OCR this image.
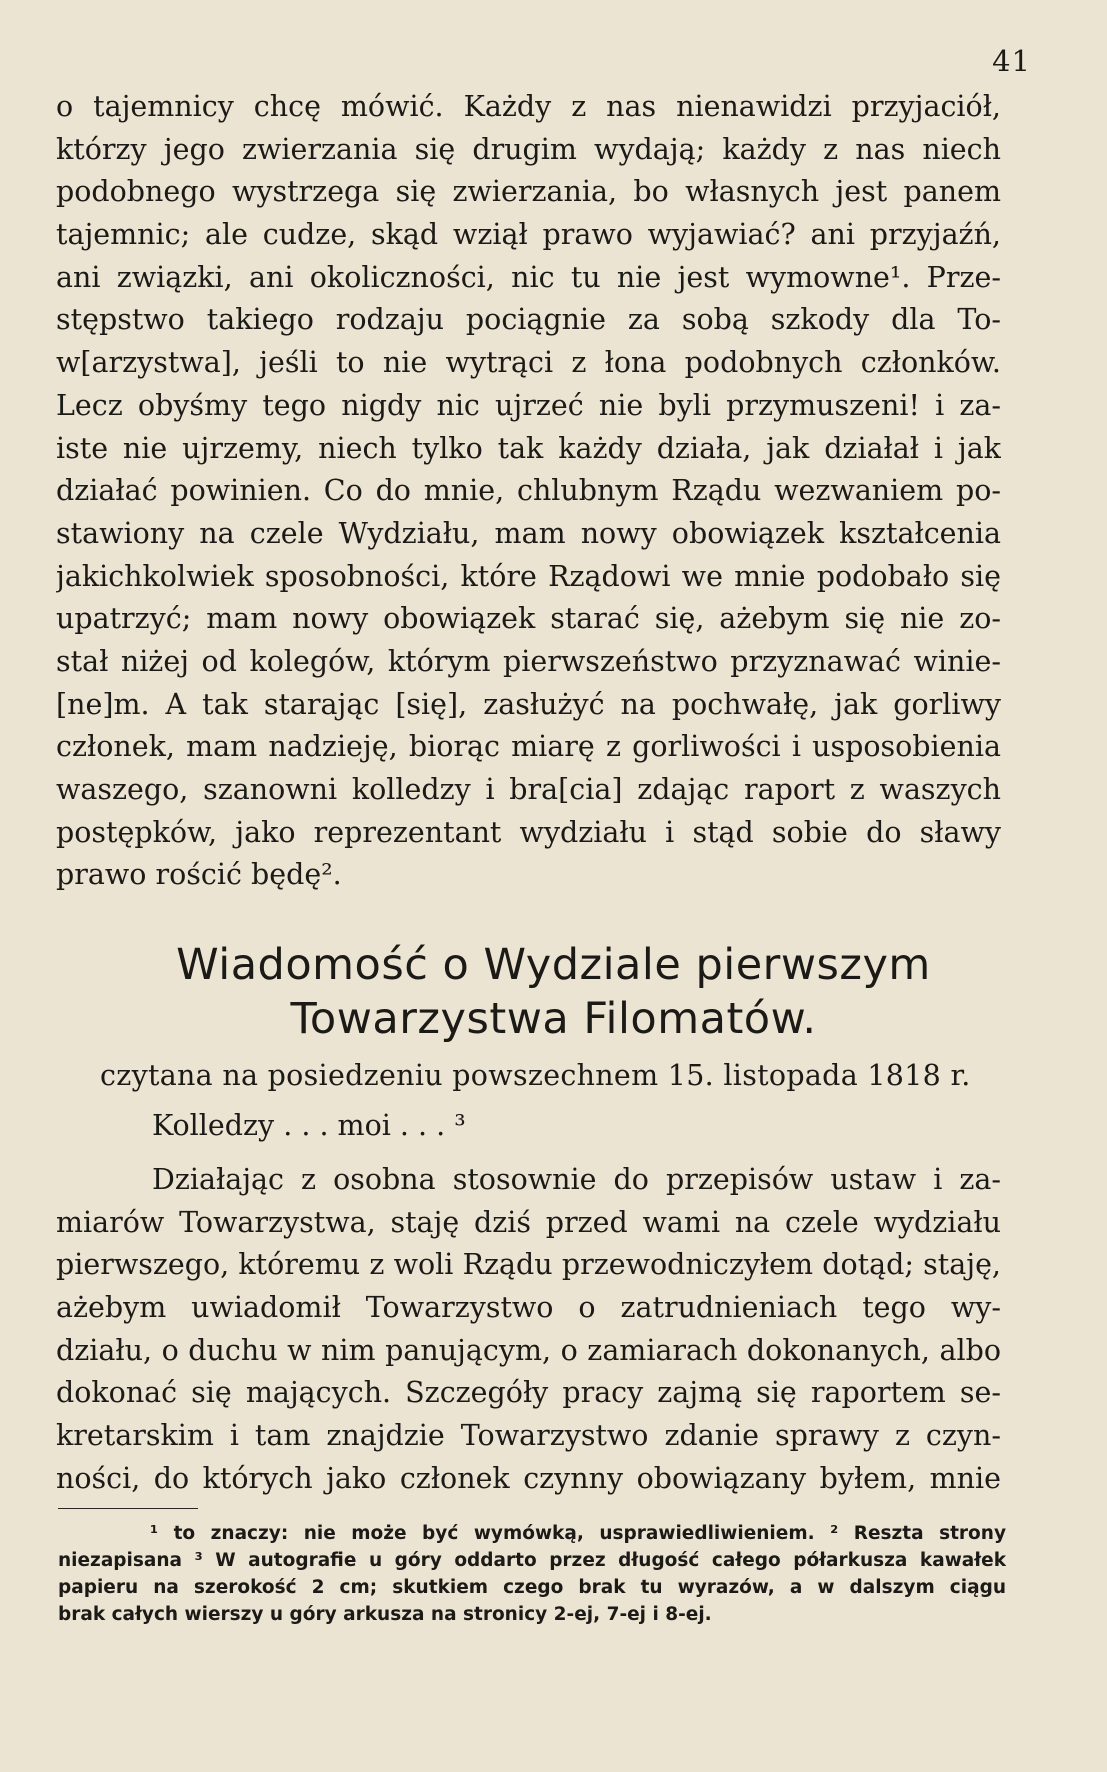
41
o tajemnicy chcę mówić. Każdy z nas nienawidzi przyjaciół,
którzy jego zwierzania się drugim wydają; każdy z nas niech
podobnego wystrzega się zwierzania, bo własnych jest panem
tajemnic; ale cudze, skąd wziął prawo wyjawiać? ani przyjaźń,
ani związki, ani okoliczności, nic tu nie jest wymowne¹. Prze-
stępstwo takiego rodzaju pociągnie za sobą szkody dla To-
w[arzystwa], jeśli to nie wytrąci z łona podobnych członków.
Lecz obyśmy tego nigdy nic ujrzeć nie byli przymuszeni! i za-
iste nie ujrzemy, niech tylko tak każdy działa, jak działał i jak
działać powinien. Co do mnie, chlubnym Rządu wezwaniem po-
stawiony na czele Wydziału, mam nowy obowiązek kształcenia
jakichkolwiek sposobności, które Rządowi we mnie podobało się
upatrzyć; mam nowy obowiązek starać się, ażebym się nie zo-
stał niżej od kolegów, którym pierwszeństwo przyznawać winie-
[ne]m. A tak starając [się], zasłużyć na pochwałę, jak gorliwy
członek, mam nadzieję, biorąc miarę z gorliwości i usposobienia
waszego, szanowni kolledzy i bra[cia] zdając raport z waszych
postępków, jako reprezentant wydziału i stąd sobie do sławy
prawo rościć będę².
Wiadomość o Wydziale pierwszym
Towarzystwa Filomatów.
czytana na posiedzeniu powszechnem 15. listopada 1818 r.
Kolledzy . . . moi . . . ³
Działając z osobna stosownie do przepisów ustaw i za-
miarów Towarzystwa, staję dziś przed wami na czele wydziału
pierwszego, któremu z woli Rządu przewodniczyłem dotąd; staję,
ażebym uwiadomił Towarzystwo o zatrudnieniach tego wy-
działu, o duchu w nim panującym, o zamiarach dokonanych, albo
dokonać się mających. Szczegóły pracy zajmą się raportem se-
kretarskim i tam znajdzie Towarzystwo zdanie sprawy z czyn-
ności, do których jako członek czynny obowiązany byłem, mnie
¹ to znaczy: nie może być wymówką, usprawiedliwieniem. ² Reszta strony
niezapisana ³ W autografie u góry oddarto przez długość całego półarkusza kawałek
papieru na szerokość 2 cm; skutkiem czego brak tu wyrazów, a w dalszym ciągu
brak całych wierszy u góry arkusza na stronicy 2-ej, 7-ej i 8-ej.
